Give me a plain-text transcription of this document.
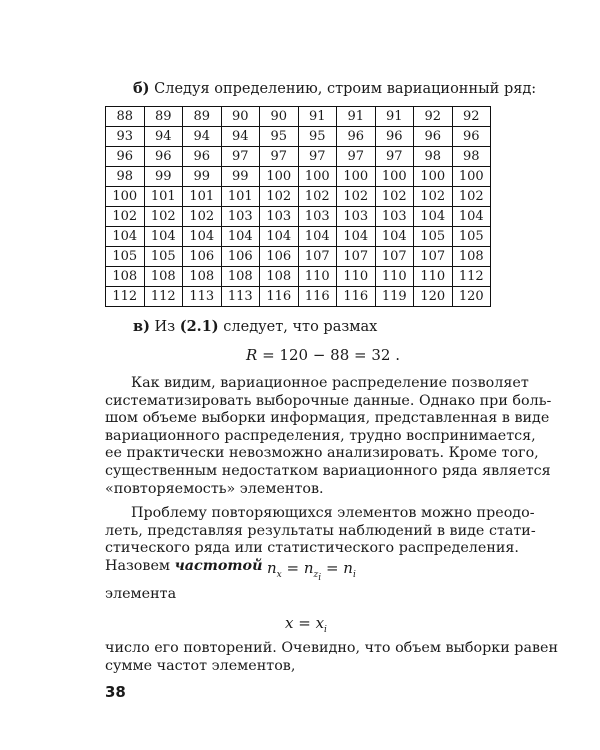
б) Следуя определению, строим вариационный ряд:
88	89	89	90	90	91	91	91	92	92
93	94	94	94	95	95	96	96	96	96
96	96	96	97	97	97	97	97	98	98
98	99	99	99	100	100	100	100	100	100
100	101	101	101	102	102	102	102	102	102
102	102	102	103	103	103	103	103	104	104
104	104	104	104	104	104	104	104	105	105
105	105	106	106	106	107	107	107	107	108
108	108	108	108	108	110	110	110	110	112
112	112	113	113	116	116	116	119	120	120
в) Из (2.1) следует, что размах
R = 120 − 88 = 32 .
Как видим, вариационное распределение позволяет
систематизировать выборочные данные. Однако при боль-
шом объеме выборки информация, представленная в виде
вариационного распределения, трудно воспринимается,
ее практически невозможно анализировать. Кроме того,
существенным недостатком вариационного ряда является
«повторяемость» элементов.
Проблему повторяющихся элементов можно преодо-
леть, представляя результаты наблюдений в виде стати-
стического ряда или статистического распределения.
Назовем частотой $n_x = n_{z_i} = n_i$
элемента
$x = x_i$
число его повторений. Очевидно, что объем выборки равен
сумме частот элементов,
38
